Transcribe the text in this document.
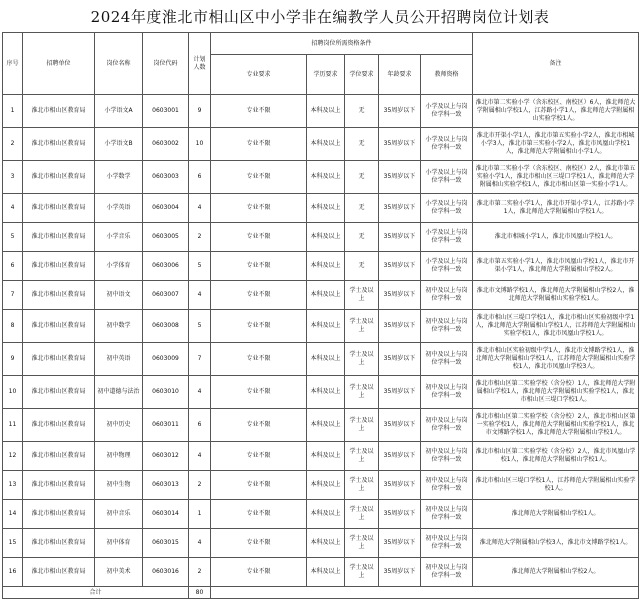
2024年度淮北市相山区中小学非在编教学人员公开招聘岗位计划表
序号	招聘单位	岗位名称	岗位代码	计划人数	招聘岗位所需资格条件					备注
					专业要求	学历要求	学位要求	年龄要求	教师资格	
1	淮北市相山区教育局	小学语文A	0603001	9	专业不限	本科及以上	无	35周岁以下	小学及以上与岗位学科一致	淮北市第二实验小学（含东校区、南校区）6人，淮北师范大学附属相山学校1人，江苏路小学1人，淮北师范大学附属相山实验学校1人。
2	淮北市相山区教育局	小学语文B	0603002	10	专业不限	本科及以上	无	35周岁以下	小学及以上与岗位学科一致	淮北市开渠小学1人，淮北市第五实验小学2人，淮北市相城小学3人，淮北市第三实验小学2人，淮北市凤凰山学校1人，淮北师范大学附属相山小学1人。
3	淮北市相山区教育局	小学数学	0603003	6	专业不限	本科及以上	无	35周岁以下	小学及以上与岗位学科一致	淮北市第二实验小学（含东校区、南校区）2人，淮北市第五实验小学1人，淮北市相山区三堤口学校1人，淮北师范大学附属相山实验学校1人，淮北市相山区第一实验小学1人。
4	淮北市相山区教育局	小学英语	0603004	4	专业不限	本科及以上	无	35周岁以下	小学及以上与岗位学科一致	淮北市第二实验小学1人，淮北市开渠小学1人，江苏路小学1人，淮北师范大学附属相山学校1人。
5	淮北市相山区教育局	小学音乐	0603005	2	专业不限	本科及以上	无	35周岁以下	小学及以上与岗位学科一致	淮北市相城小学1人，淮北市凤凰山学校1人。
6	淮北市相山区教育局	小学体育	0603006	5	专业不限	本科及以上	无	35周岁以下	小学及以上与岗位学科一致	淮北市第五实验小学1人，淮北市凤凰山学校1人，淮北市开渠小学1人，淮北师范大学附属相山学校2人。
7	淮北市相山区教育局	初中语文	0603007	4	专业不限	本科及以上	学士及以上	35周岁以下	初中及以上与岗位学科一致	淮北市文博路学校1人，淮北师范大学附属相山学校2人，淮北师范大学附属相山实验学校1人。
8	淮北市相山区教育局	初中数学	0603008	5	专业不限	本科及以上	学士及以上	35周岁以下	初中及以上与岗位学科一致	淮北市相山区三堤口学校1人，淮北市相山区实验初级中学1人，淮北师范大学附属相山学校1人，江苏师范大学附属相山实验学校1人，淮北市凤凰山学校1人。
9	淮北市相山区教育局	初中英语	0603009	7	专业不限	本科及以上	学士及以上	35周岁以下	初中及以上与岗位学科一致	淮北市相山区实验初级中学1人，淮北市文博路学校1人，淮北师范大学附属相山学校1人，江苏师范大学附属相山实验学校1人，淮北市凤凰山学校3人。
10	淮北市相山区教育局	初中道德与法治	0603010	4	专业不限	本科及以上	学士及以上	35周岁以下	初中及以上与岗位学科一致	淮北市相山区第二实验学校（含分校）1人，淮北师范大学附属相山学校1人，淮北师范大学附属相山实验学校1人，淮北市相山区三堤口学校1人。
11	淮北市相山区教育局	初中历史	0603011	6	专业不限	本科及以上	学士及以上	35周岁以下	初中及以上与岗位学科一致	淮北市相山区第二实验学校（含分校）2人，淮北市相山区第一实验学校1人，淮北师范大学附属相山实验学校1人，淮北市文博路学校1人，淮北师范大学附属相山学校1人。
12	淮北市相山区教育局	初中物理	0603012	4	专业不限	本科及以上	学士及以上	35周岁以下	初中及以上与岗位学科一致	淮北市相山区第二实验学校（含分校）2人，淮北市凤凰山学校1人，淮北师范大学附属相山学校1人。
13	淮北市相山区教育局	初中生物	0603013	2	专业不限	本科及以上	学士及以上	35周岁以下	初中及以上与岗位学科一致	淮北市相山区三堤口学校1人，江苏师范大学附属相山实验学校1人。
14	淮北市相山区教育局	初中音乐	0603014	1	专业不限	本科及以上	学士及以上	35周岁以下	初中及以上与岗位学科一致	淮北师范大学附属相山学校1人。
15	淮北市相山区教育局	初中体育	0603015	4	专业不限	本科及以上	学士及以上	35周岁以下	初中及以上与岗位学科一致	淮北师范大学附属相山学校3人，淮北市文博路学校1人。
16	淮北市相山区教育局	初中美术	0603016	2	专业不限	本科及以上	学士及以上	35周岁以下	初中及以上与岗位学科一致	淮北师范大学附属相山学校2人。
合计				80						
